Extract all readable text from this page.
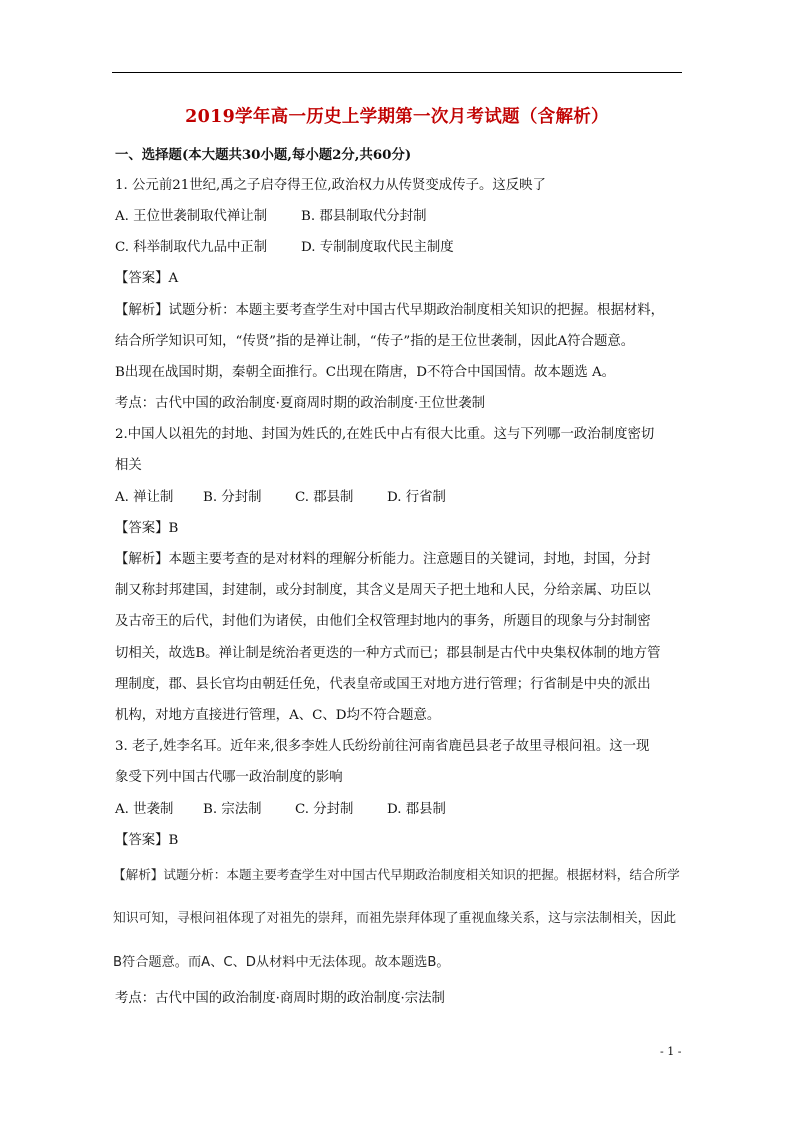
2019学年高一历史上学期第一次月考试题（含解析）
一、选择题(本大题共30小题,每小题2分,共60分)
1. 公元前21世纪,禹之子启夺得王位,政治权力从传贤变成传子。这反映了
A. 王位世袭制取代禅让制	B. 郡县制取代分封制
C. 科举制取代九品中正制	D. 专制制度取代民主制度
【答案】A
【解析】试题分析：本题主要考查学生对中国古代早期政治制度相关知识的把握。根据材料，
结合所学知识可知，“传贤”指的是禅让制，“传子”指的是王位世袭制，因此A符合题意。
B出现在战国时期，秦朝全面推行。C出现在隋唐，D不符合中国国情。故本题选 A。
考点：古代中国的政治制度·夏商周时期的政治制度·王位世袭制
2.中国人以祖先的封地、封国为姓氏的,在姓氏中占有很大比重。这与下列哪一政治制度密切
相关
A. 禅让制 B. 分封制 C. 郡县制	D. 行省制
【答案】B
【解析】本题主要考查的是对材料的理解分析能力。注意题目的关键词，封地，封国，分封
制又称封邦建国，封建制，或分封制度，其含义是周天子把土地和人民，分给亲属、功臣以
及古帝王的后代，封他们为诸侯，由他们全权管理封地内的事务，所题目的现象与分封制密
切相关，故选B。禅让制是统治者更迭的一种方式而已；郡县制是古代中央集权体制的地方管
理制度，郡、县长官均由朝廷任免，代表皇帝或国王对地方进行管理；行省制是中央的派出
机构，对地方直接进行管理，A、C、D均不符合题意。
3. 老子,姓李名耳。近年来,很多李姓人氏纷纷前往河南省鹿邑县老子故里寻根问祖。这一现
象受下列中国古代哪一政治制度的影响
A. 世袭制 B. 宗法制 C. 分封制	D. 郡县制
【答案】B
【解析】试题分析：本题主要考查学生对中国古代早期政治制度相关知识的把握。根据材料，结合所学
知识可知，寻根问祖体现了对祖先的崇拜，而祖先崇拜体现了重视血缘关系，这与宗法制相关，因此
B符合题意。而A、C、D从材料中无法体现。故本题选B。
考点：古代中国的政治制度·商周时期的政治制度·宗法制
- 1 -
